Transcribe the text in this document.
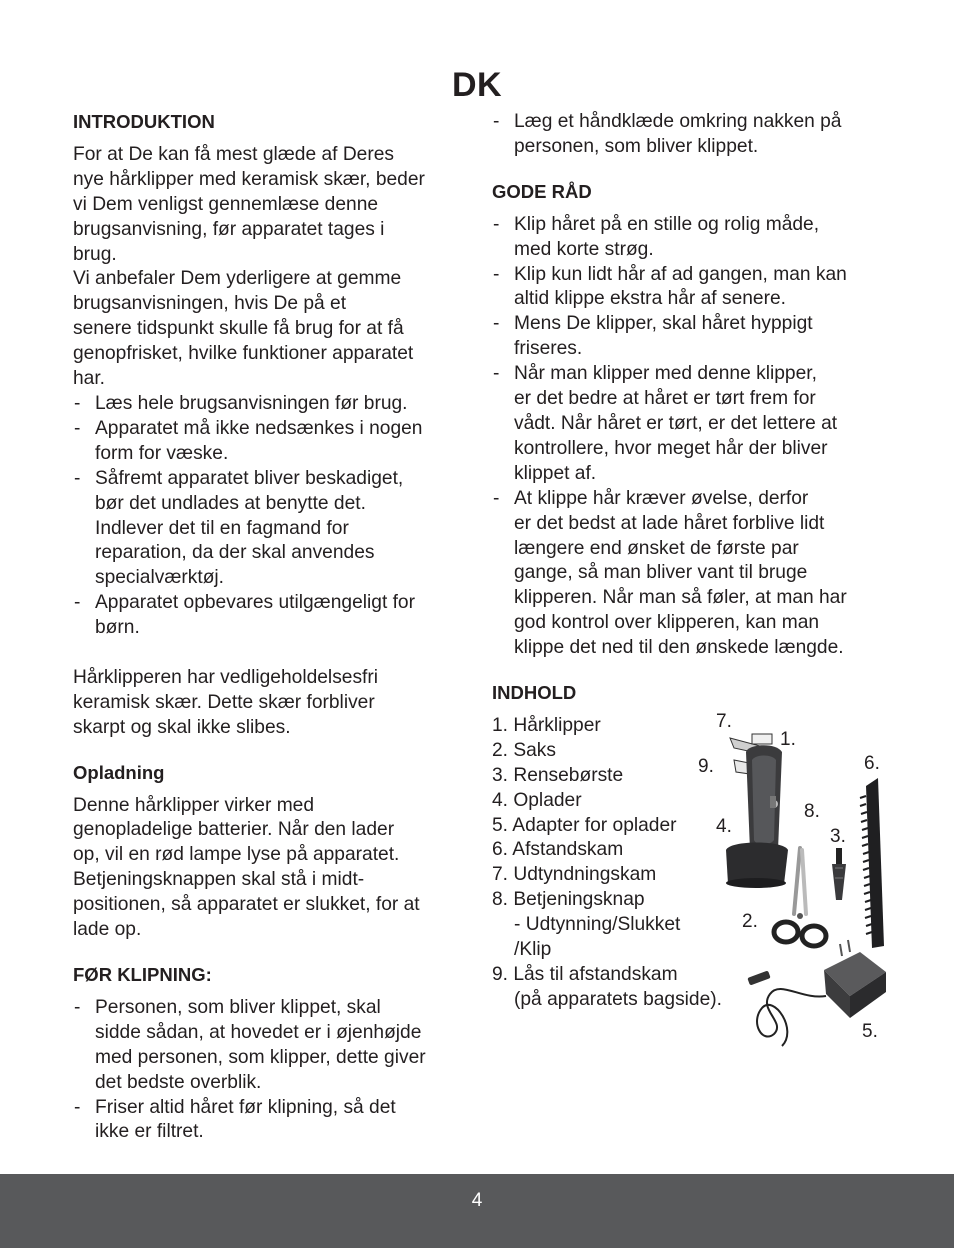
DK
INTRODUKTION
For at De kan få mest glæde af Deres
nye hårklipper med keramisk skær, beder
vi Dem venligst gennemlæse denne
brugsanvisning, før apparatet tages i
brug.
Vi anbefaler Dem yderligere at gemme
brugsanvisningen, hvis De på et
senere tidspunkt skulle få brug for at få
genopfrisket, hvilke funktioner apparatet
har.
- Læs hele brugsanvisningen før brug.
- Apparatet må ikke nedsænkes i nogen
form for væske.
- Såfremt apparatet bliver beskadiget,
bør det undlades at benytte det.
Indlever det til en fagmand for
reparation, da der skal anvendes
specialværktøj.
- Apparatet opbevares utilgængeligt for
børn.
Hårklipperen har vedligeholdelsesfri
keramisk skær. Dette skær forbliver
skarpt og skal ikke slibes.
Opladning
Denne hårklipper virker med
genopladelige batterier. Når den lader
op, vil en rød lampe lyse på apparatet.
Betjeningsknappen skal stå i midt-
positionen, så apparatet er slukket, for at
lade op.
FØR KLIPNING:
- Personen, som bliver klippet, skal
sidde sådan, at hovedet er i øjenhøjde
med personen, som klipper, dette giver
det bedste overblik.
- Friser altid håret før klipning, så det
ikke er filtret.
- Læg et håndklæde omkring nakken på
personen, som bliver klippet.
GODE RÅD
- Klip håret på en stille og rolig måde,
med korte strøg.
- Klip kun lidt hår af ad gangen, man kan
altid klippe ekstra hår af senere.
- Mens De klipper, skal håret hyppigt
friseres.
- Når man klipper med denne klipper,
er det bedre at håret er tørt frem for
vådt. Når håret er tørt, er det lettere at
kontrollere, hvor meget hår der bliver
klippet af.
- At klippe hår kræver øvelse, derfor
er det bedst at lade håret forblive lidt
længere end ønsket de første par
gange, så man bliver vant til bruge
klipperen. Når man så føler, at man har
god kontrol over klipperen, kan man
klippe det ned til den ønskede længde.
INDHOLD
1. Hårklipper
2. Saks
3. Rensebørste
4. Oplader
5. Adapter for oplader
6. Afstandskam
7. Udtyndningskam
8. Betjeningsknap
- Udtynning/Slukket
/Klip
9. Lås til afstandskam
(på apparatets bagside).
7.
1.
9.	6.
8.
4.	3.
2.
5.
4
